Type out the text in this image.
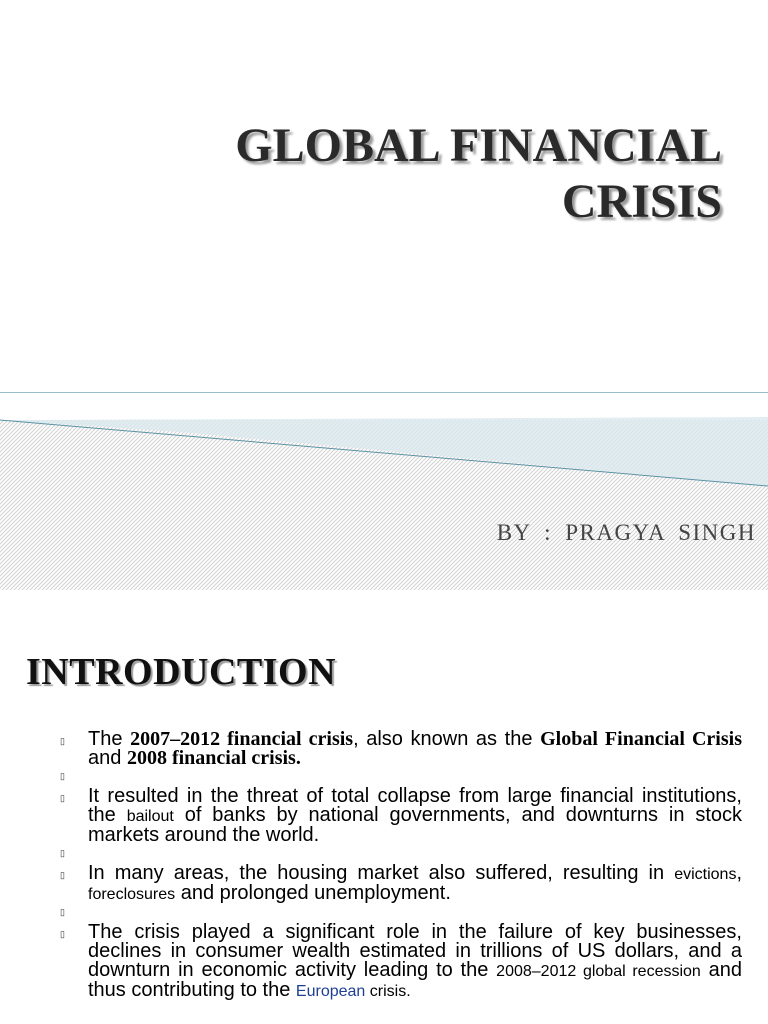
GLOBAL FINANCIAL
CRISIS
BY : PRAGYA SINGH
INTRODUCTION
▯ The 2007–2012 financial crisis, also known as the Global Financial Crisis and 2008 financial crisis.
▯
▯ It resulted in the threat of total collapse from large financial institutions, the bailout of banks by national governments, and downturns in stock markets around the world.
▯
▯ In many areas, the housing market also suffered, resulting in evictions, foreclosures and prolonged unemployment.
▯
▯ The crisis played a significant role in the failure of key businesses, declines in consumer wealth estimated in trillions of US dollars, and a downturn in economic activity leading to the 2008–2012 global recession and thus contributing to the European crisis.
